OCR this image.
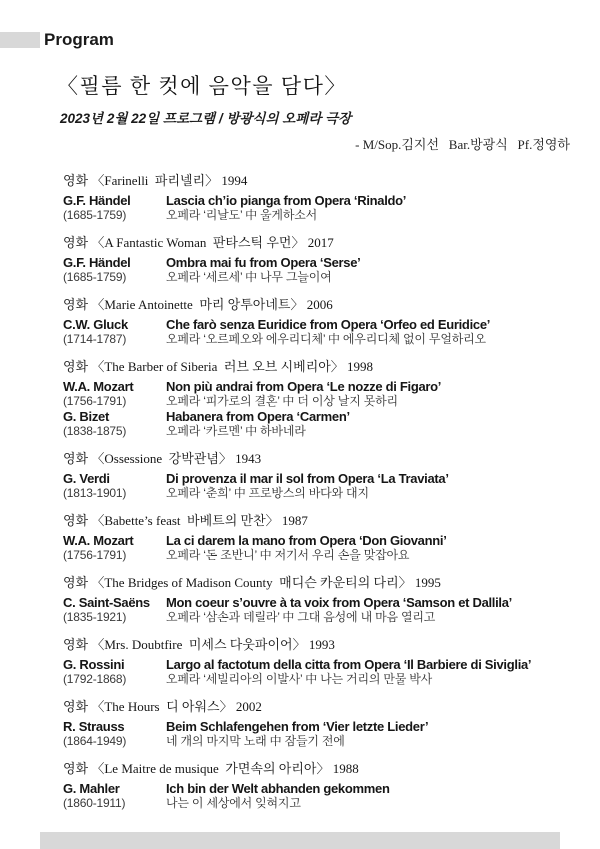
Program
〈필름 한 컷에 음악을 담다〉
2023년 2월 22일 프로그램 / 방광식의 오페라 극장
- M/Sop.김지선   Bar.방광식   Pf.정영하
영화 〈Farinelli  파리넬리〉 1994
G.F. Händel	Lascia ch’io pianga from Opera ‘Rinaldo’
(1685-1759)	오페라 ‘리날도’ 中 울게하소서
영화 〈A Fantastic Woman  판타스틱 우먼〉 2017
G.F. Händel	Ombra mai fu from Opera ‘Serse’
(1685-1759)	오페라 ‘세르세’ 中 나무 그늘이여
영화 〈Marie Antoinette  마리 앙투아네트〉 2006
C.W. Gluck	Che farò senza Euridice from Opera ‘Orfeo ed Euridice’
(1714-1787)	오페라 ‘오르페오와 에우리디체’ 中 에우리디체 없이 무얼하리오
영화 〈The Barber of Siberia  러브 오브 시베리아〉 1998
W.A. Mozart	Non più andrai from Opera ‘Le nozze di Figaro’
(1756-1791)	오페라 ‘피가로의 결혼’ 中 더 이상 날지 못하리
G. Bizet	Habanera from Opera ‘Carmen’
(1838-1875)	오페라 ‘카르멘’ 中 하바네라
영화 〈Ossessione  강박관념〉 1943
G. Verdi	Di provenza il mar il sol from Opera ‘La Traviata’
(1813-1901)	오페라 ‘춘희’ 中 프로방스의 바다와 대지
영화 〈Babette’s feast  바베트의 만찬〉 1987
W.A. Mozart	La ci darem la mano from Opera ‘Don Giovanni’
(1756-1791)	오페라 ‘돈 조반니’ 中 저기서 우리 손을 맞잡아요
영화 〈The Bridges of Madison County  매디슨 카운티의 다리〉 1995
C. Saint-Saëns	Mon coeur s’ouvre à ta voix from Opera ‘Samson et Dallila’
(1835-1921)	오페라 ‘삼손과 데릴라’ 中 그대 음성에 내 마음 열리고
영화 〈Mrs. Doubtfire  미세스 다웃파이어〉 1993
G. Rossini	Largo al factotum della citta from Opera ‘Il Barbiere di Siviglia’
(1792-1868)	오페라 ‘세빌리아의 이발사’ 中 나는 거리의 만물 박사
영화 〈The Hours  디 아워스〉 2002
R. Strauss	Beim Schlafengehen from ‘Vier letzte Lieder’
(1864-1949)	네 개의 마지막 노래 中 잠들기 전에
영화 〈Le Maitre de musique  가면속의 아리아〉 1988
G. Mahler	Ich bin der Welt abhanden gekommen
(1860-1911)	나는 이 세상에서 잊혀지고
